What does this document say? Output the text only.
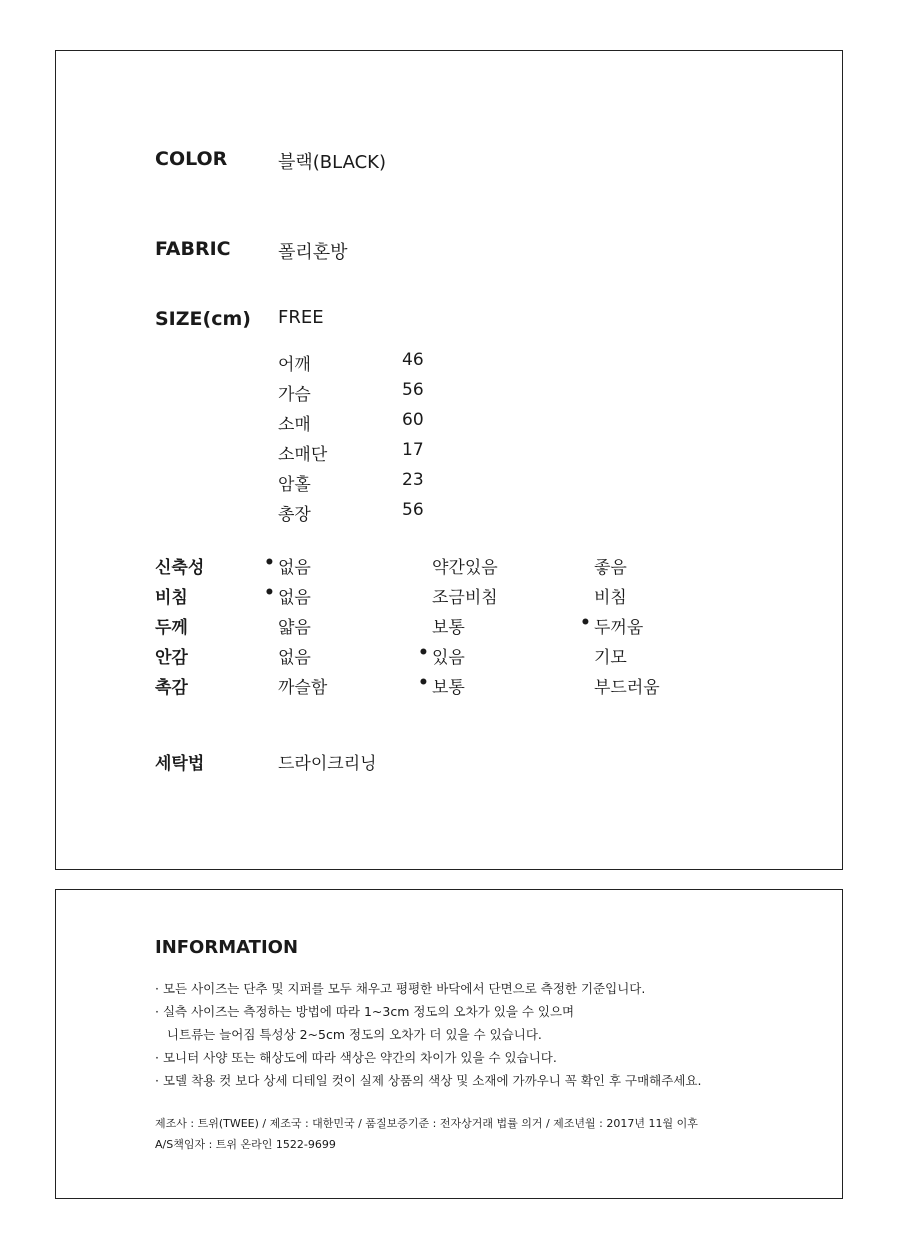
COLOR	블랙(BLACK)
FABRIC	폴리혼방
SIZE(cm) FREE
어깨	46
가슴	56
소매	60
소매단	17
암홀	23
총장	56
신축성	• 없음	약간있음	좋음
비침	• 없음	조금비침	비침
두께	얇음	보통	• 두꺼움
안감	없음	• 있음	기모
촉감	까슬함	• 보통	부드러움
세탁법	드라이크리닝
INFORMATION
· 모든 사이즈는 단추 및 지퍼를 모두 채우고 평평한 바닥에서 단면으로 측정한 기준입니다.
· 실측 사이즈는 측정하는 방법에 따라 1~3cm 정도의 오차가 있을 수 있으며
니트류는 늘어짐 특성상 2~5cm 정도의 오차가 더 있을 수 있습니다.
· 모니터 사양 또는 해상도에 따라 색상은 약간의 차이가 있을 수 있습니다.
· 모델 착용 컷 보다 상세 디테일 컷이 실제 상품의 색상 및 소재에 가까우니 꼭 확인 후 구매해주세요.
제조사 : 트위(TWEE) / 제조국 : 대한민국 / 품질보증기준 : 전자상거래 법률 의거 / 제조년월 : 2017년 11월 이후
A/S책임자 : 트위 온라인 1522-9699
